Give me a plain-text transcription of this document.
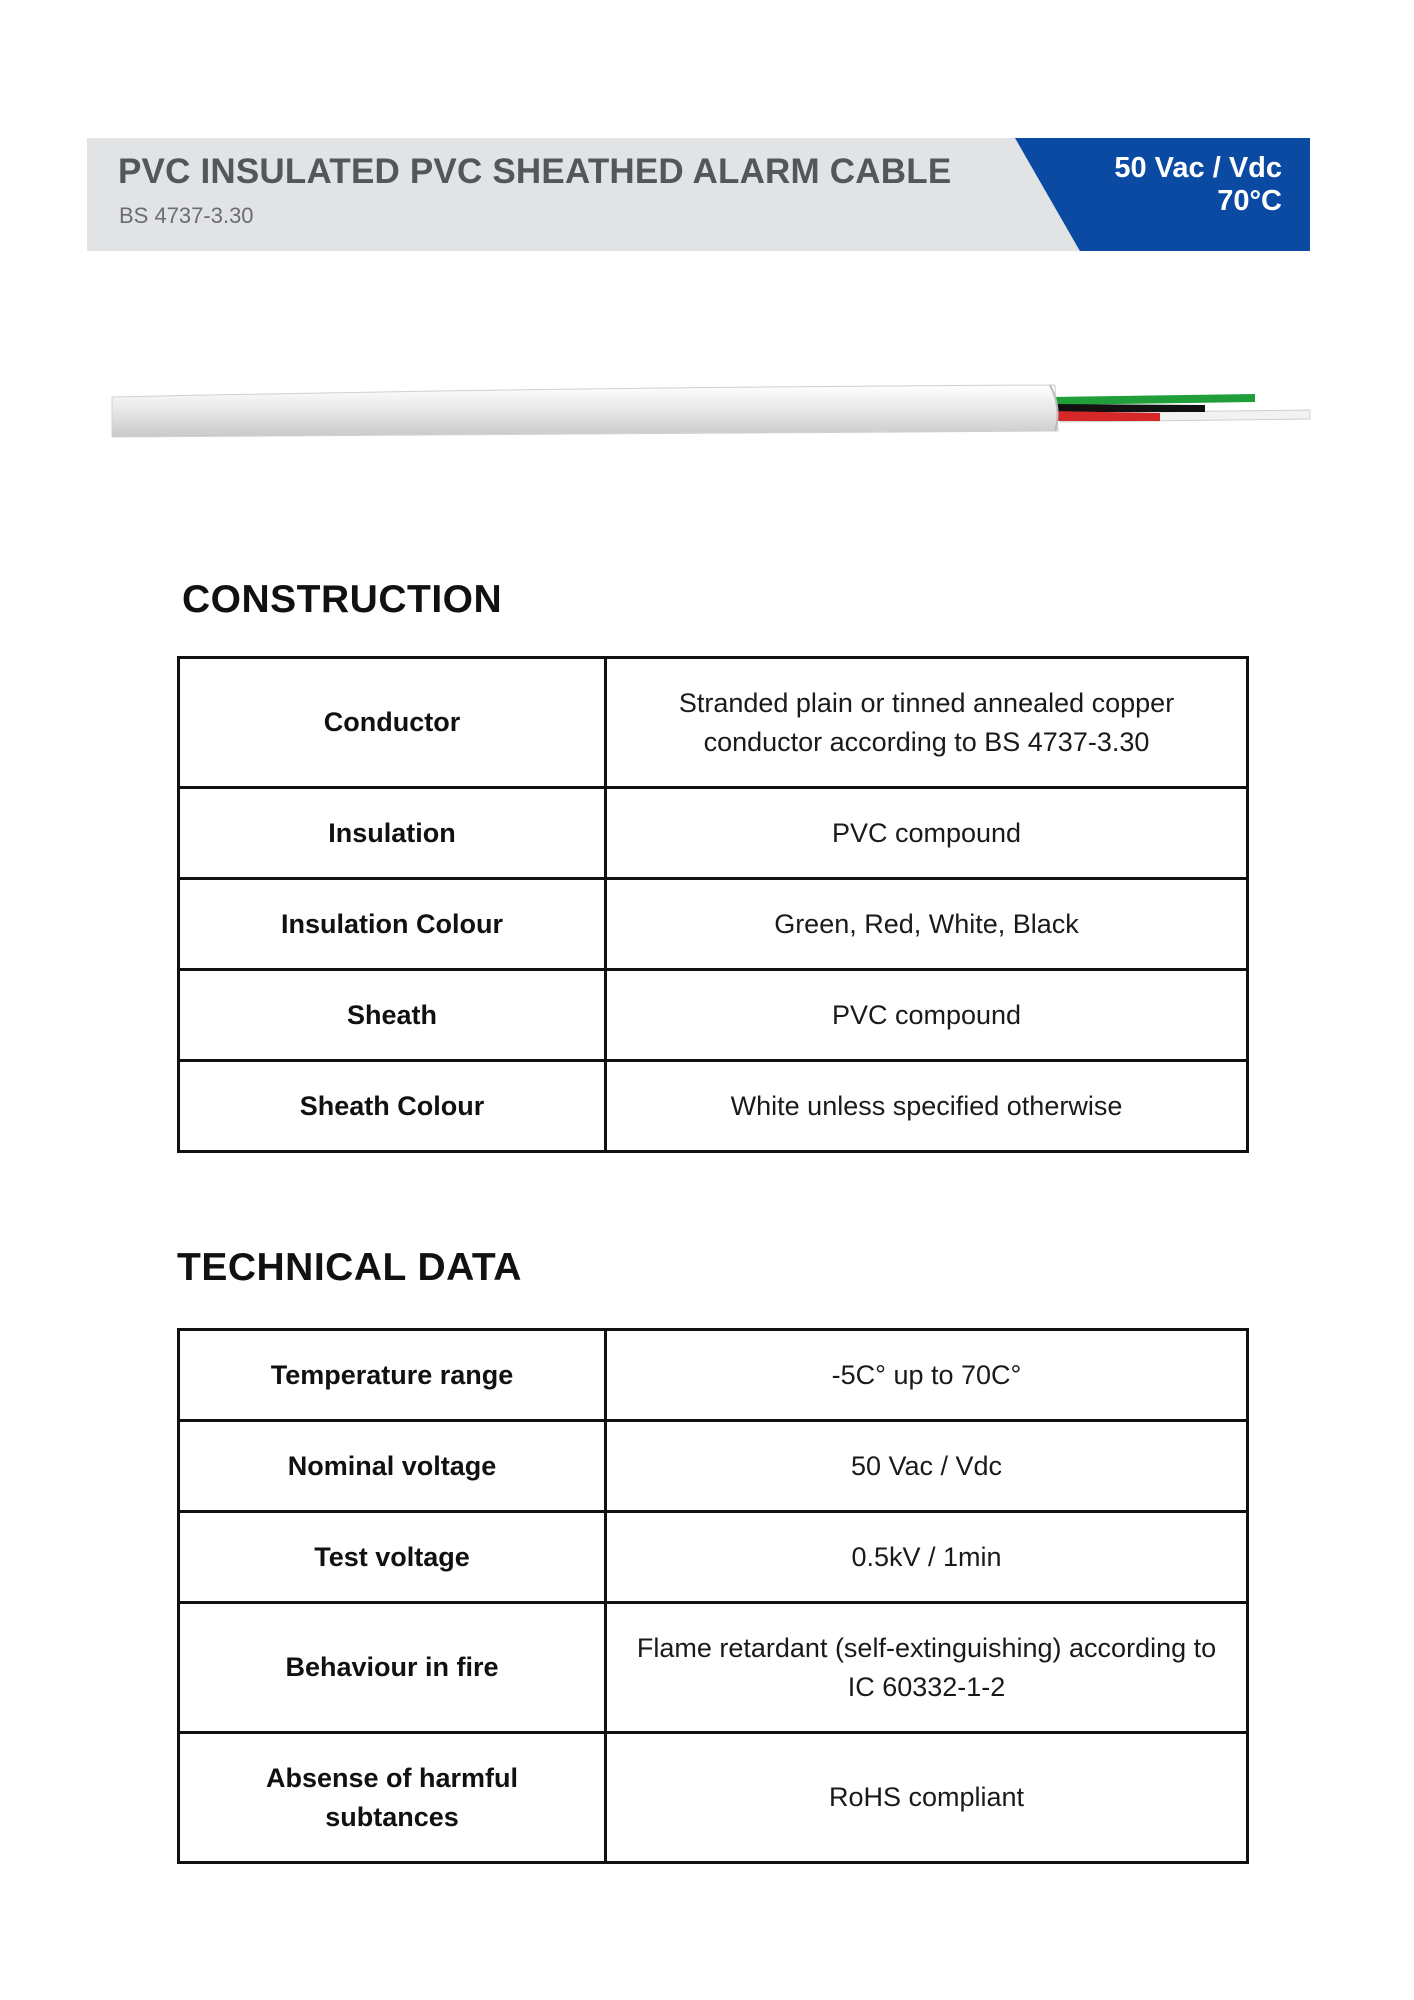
PVC INSULATED PVC SHEATHED ALARM CABLE
BS 4737-3.30
50 Vac / Vdc
70°C
CONSTRUCTION
Conductor	Stranded plain or tinned annealed copper conductor according to BS 4737-3.30
Insulation	PVC compound
Insulation Colour	Green, Red, White, Black
Sheath	PVC compound
Sheath Colour	White unless specified otherwise
TECHNICAL DATA
Temperature range	-5C° up to 70C°
Nominal voltage	50 Vac / Vdc
Test voltage	0.5kV / 1min
Behaviour in fire	Flame retardant (self-extinguishing) according to IC 60332-1-2
Absense of harmful subtances	RoHS compliant
